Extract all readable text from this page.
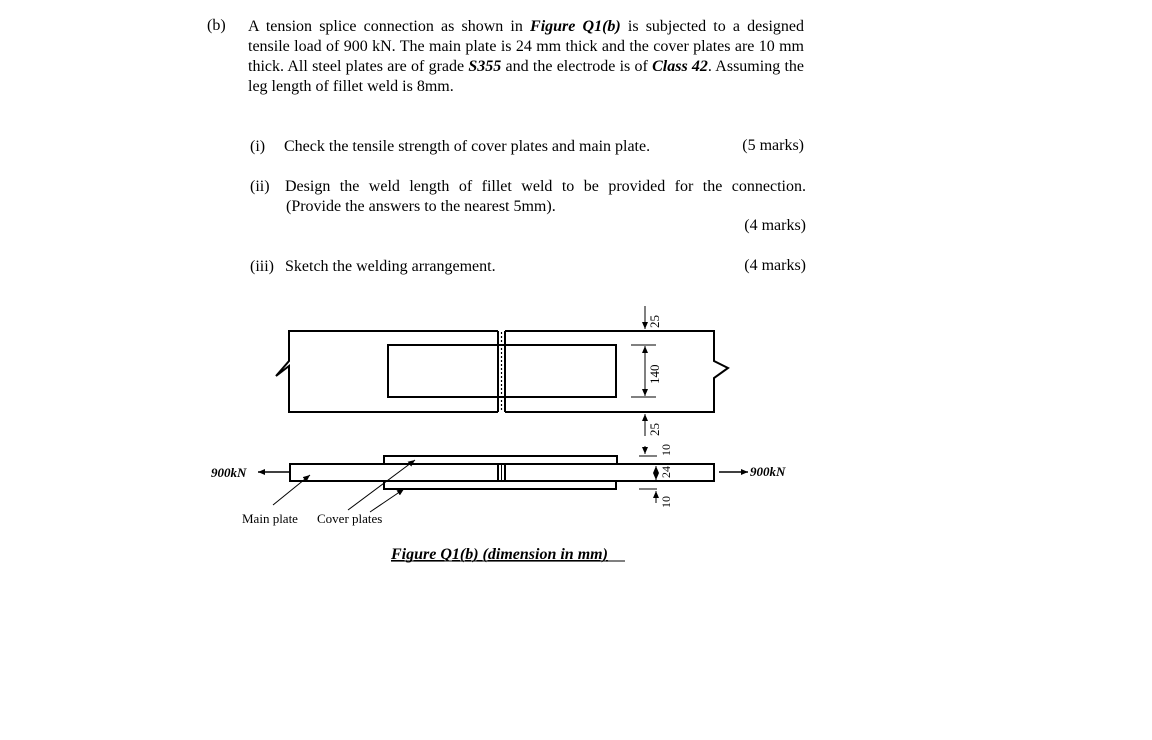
(b) A tension splice connection as shown in Figure Q1(b) is subjected to a designed tensile load of 900 kN. The main plate is 24 mm thick and the cover plates are 10 mm thick. All steel plates are of grade S355 and the electrode is of Class 42. Assuming the leg length of fillet weld is 8mm.
(i) Check the tensile strength of cover plates and main plate.	(5 marks)
(ii) Design the weld length of fillet weld to be provided for the connection.
(Provide the answers to the nearest 5mm).
(4 marks)
(iii) Sketch the welding arrangement.	(4 marks)
25
140
25
10
24
10
900kN	900kN
Main plate Cover plates
Figure Q1(b) (dimension in mm)
